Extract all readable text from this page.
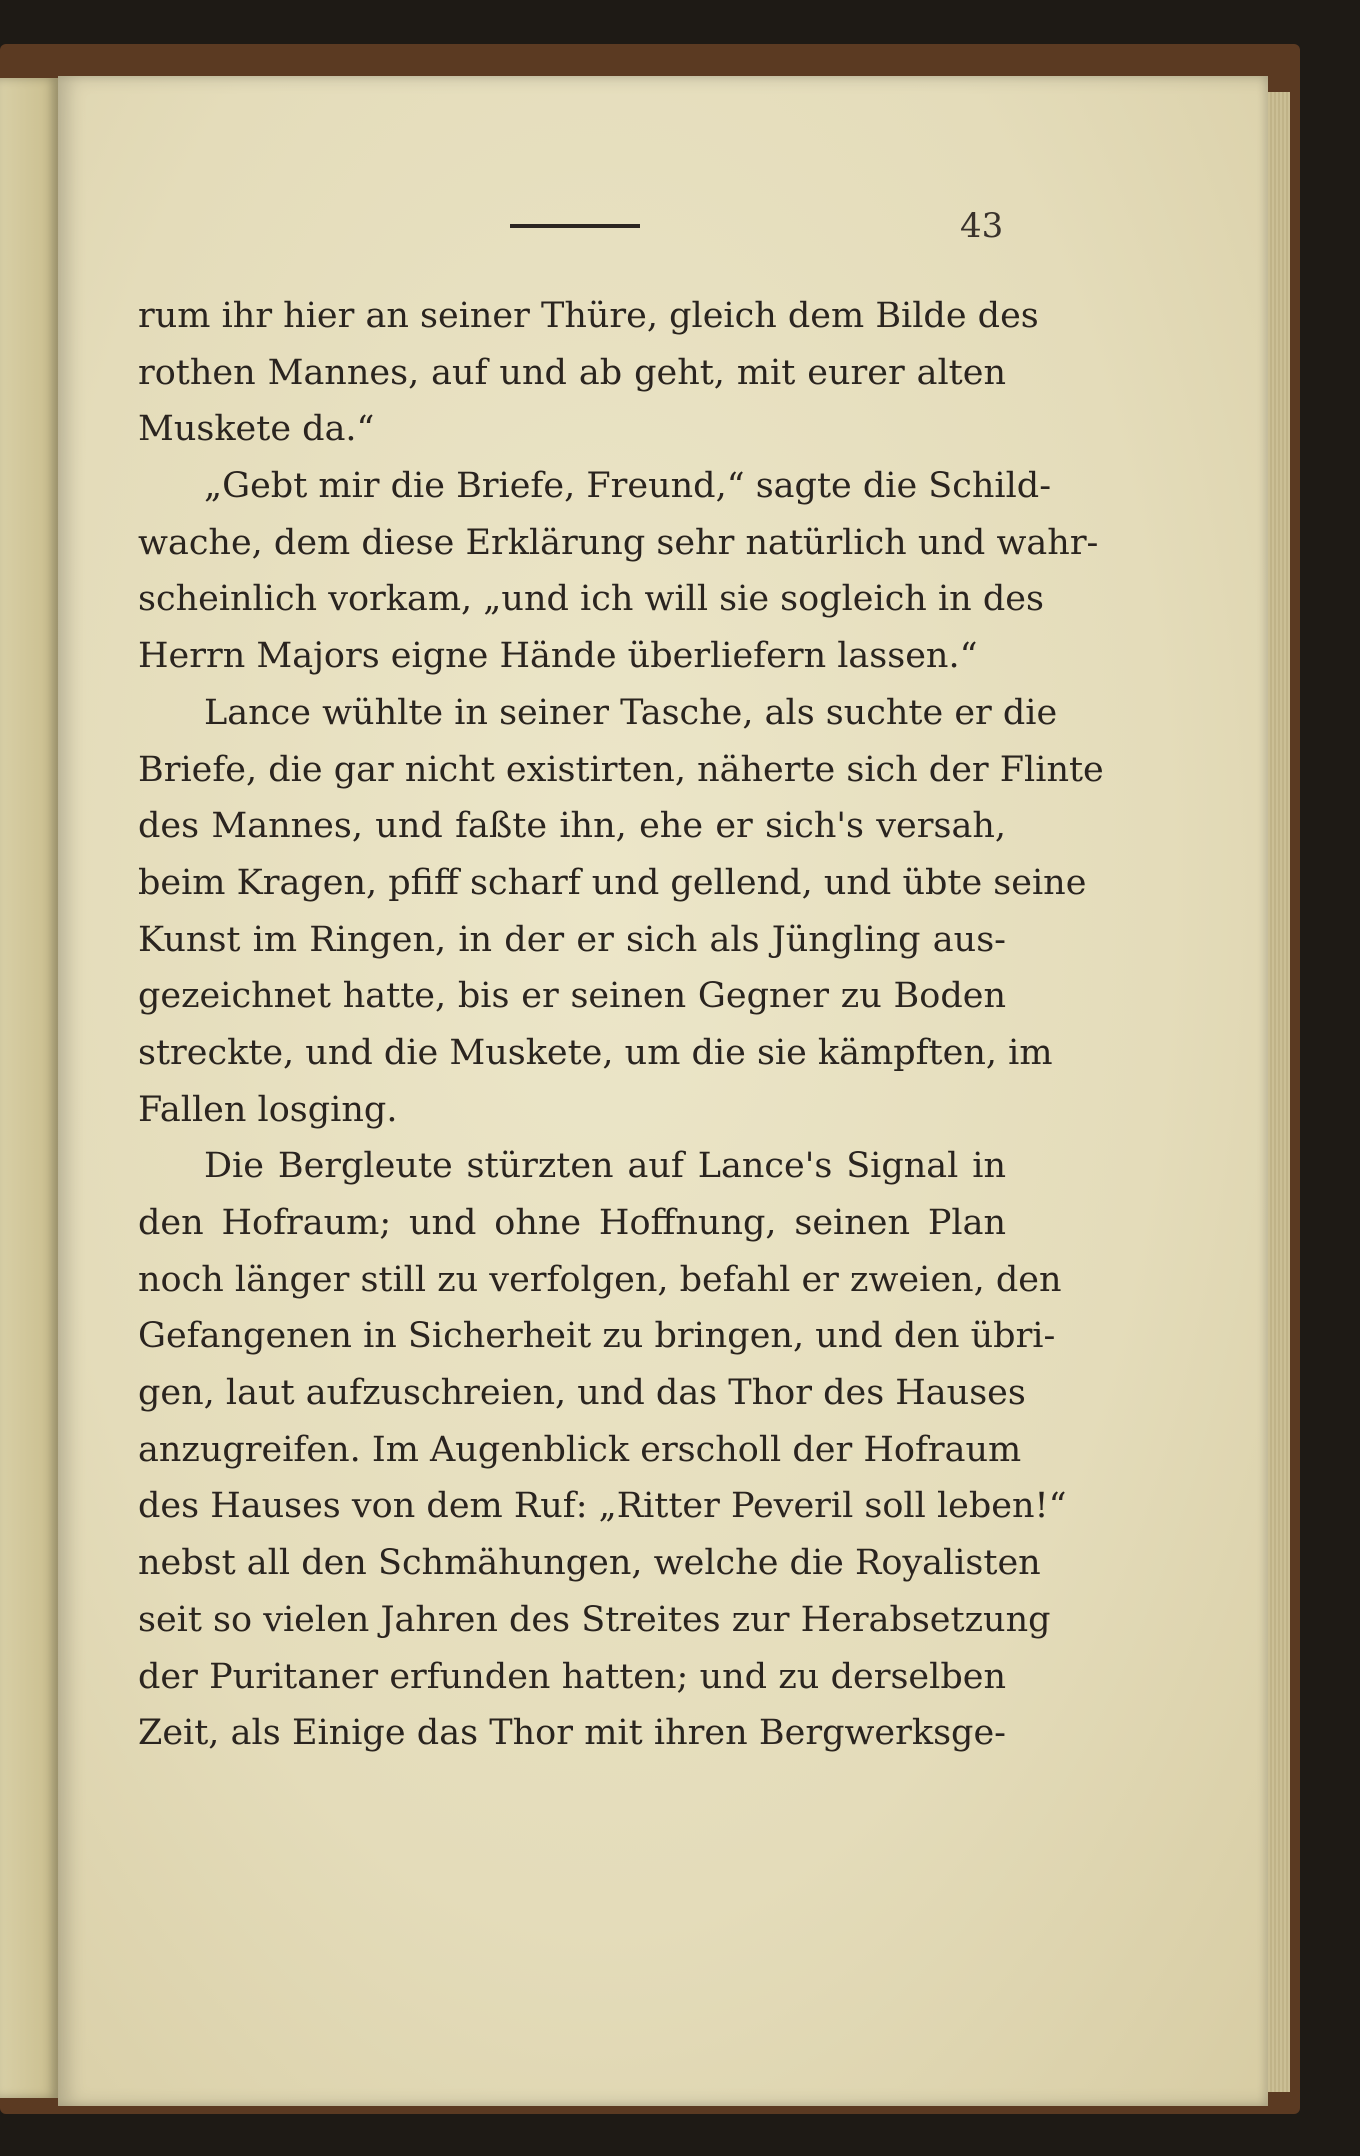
43
rum ihr hier an seiner Thüre, gleich dem Bilde des
rothen Mannes, auf und ab geht, mit eurer alten
Muskete da.“
„Gebt mir die Briefe, Freund,“ sagte die Schild-
wache, dem diese Erklärung sehr natürlich und wahr-
scheinlich vorkam, „und ich will sie sogleich in des
Herrn Majors eigne Hände überliefern lassen.“
Lance wühlte in seiner Tasche, als suchte er die
Briefe, die gar nicht existirten, näherte sich der Flinte
des Mannes, und faßte ihn, ehe er sich's versah,
beim Kragen, pfiff scharf und gellend, und übte seine
Kunst im Ringen, in der er sich als Jüngling aus-
gezeichnet hatte, bis er seinen Gegner zu Boden
streckte, und die Muskete, um die sie kämpften, im
Fallen losging.
Die Bergleute stürzten auf Lance's Signal in
den Hofraum; und ohne Hoffnung, seinen Plan
noch länger still zu verfolgen, befahl er zweien, den
Gefangenen in Sicherheit zu bringen, und den übri-
gen, laut aufzuschreien, und das Thor des Hauses
anzugreifen. Im Augenblick erscholl der Hofraum
des Hauses von dem Ruf: „Ritter Peveril soll leben!“
nebst all den Schmähungen, welche die Royalisten
seit so vielen Jahren des Streites zur Herabsetzung
der Puritaner erfunden hatten; und zu derselben
Zeit, als Einige das Thor mit ihren Bergwerksge-
